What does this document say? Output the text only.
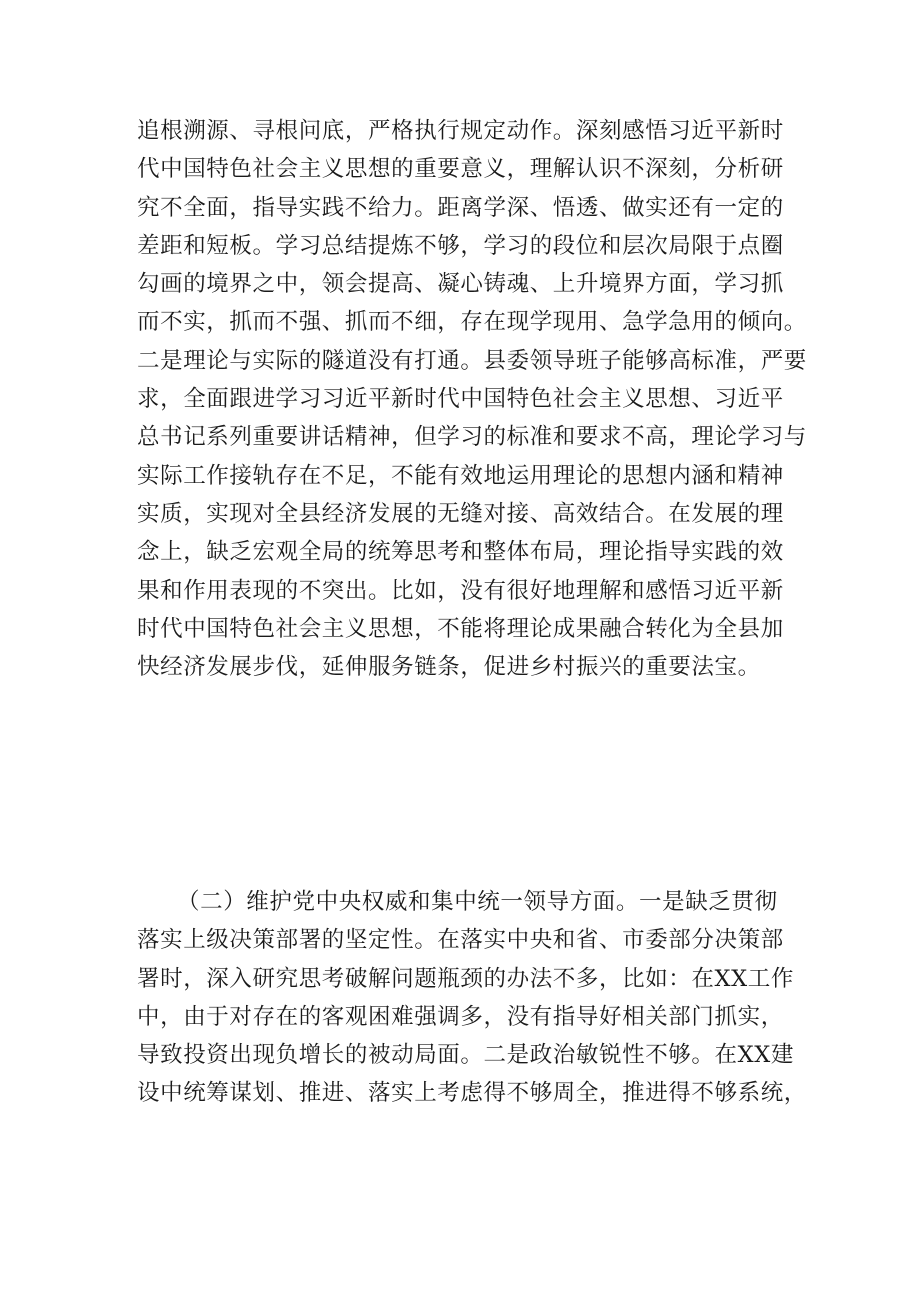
追根溯源、寻根问底，严格执行规定动作。深刻感悟习近平新时
代中国特色社会主义思想的重要意义，理解认识不深刻，分析研
究不全面，指导实践不给力。距离学深、悟透、做实还有一定的
差距和短板。学习总结提炼不够，学习的段位和层次局限于点圈
勾画的境界之中，领会提高、凝心铸魂、上升境界方面，学习抓
而不实，抓而不强、抓而不细，存在现学现用、急学急用的倾向。
二是理论与实际的隧道没有打通。县委领导班子能够高标准，严要
求，全面跟进学习习近平新时代中国特色社会主义思想、习近平
总书记系列重要讲话精神，但学习的标准和要求不高，理论学习与
实际工作接轨存在不足，不能有效地运用理论的思想内涵和精神
实质，实现对全县经济发展的无缝对接、高效结合。在发展的理
念上，缺乏宏观全局的统筹思考和整体布局，理论指导实践的效
果和作用表现的不突出。比如，没有很好地理解和感悟习近平新
时代中国特色社会主义思想，不能将理论成果融合转化为全县加
快经济发展步伐，延伸服务链条，促进乡村振兴的重要法宝。
（二）维护党中央权威和集中统一领导方面。一是缺乏贯彻
落实上级决策部署的坚定性。在落实中央和省、市委部分决策部
署时，深入研究思考破解问题瓶颈的办法不多，比如：在XX工作
中，由于对存在的客观困难强调多，没有指导好相关部门抓实，
导致投资出现负增长的被动局面。二是政治敏锐性不够。在XX建
设中统筹谋划、推进、落实上考虑得不够周全，推进得不够系统，
